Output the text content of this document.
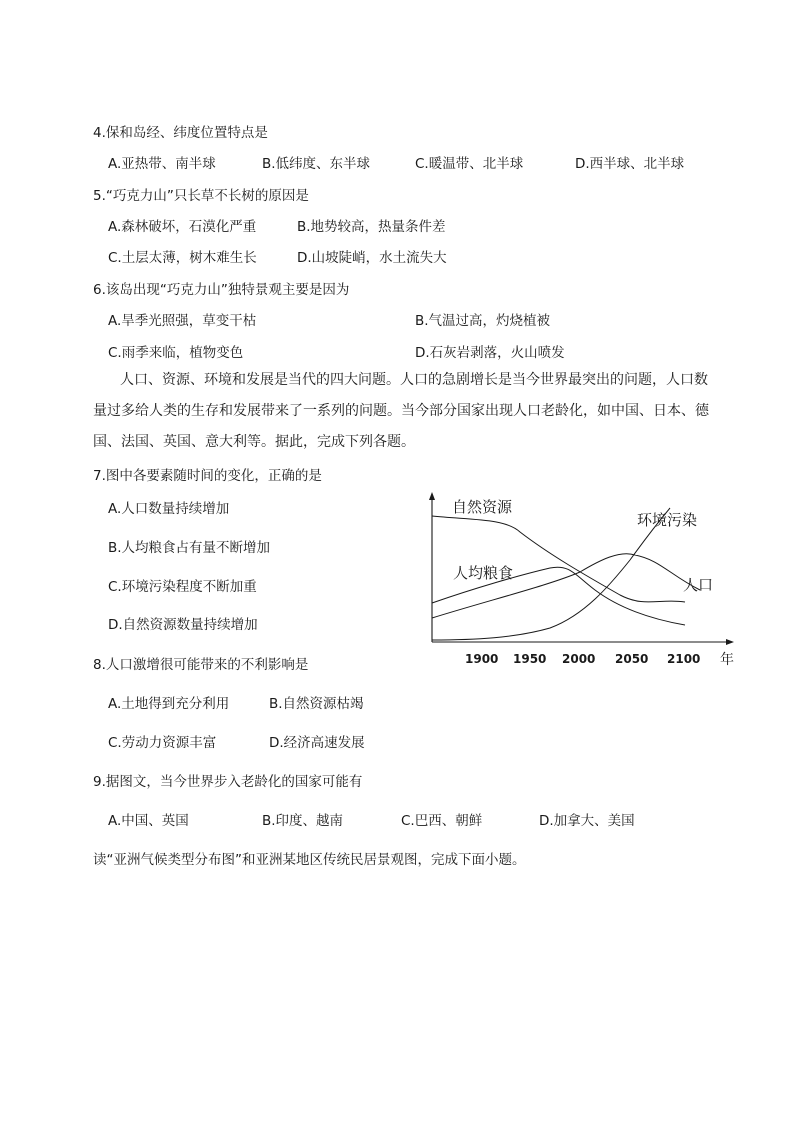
4.保和岛经、纬度位置特点是
A.亚热带、南半球	B.低纬度、东半球	C.暖温带、北半球	D.西半球、北半球
5.“巧克力山”只长草不长树的原因是
A.森林破坏，石漠化严重	B.地势较高，热量条件差
C.土层太薄，树木难生长	D.山坡陡峭，水土流失大
6.该岛出现“巧克力山”独特景观主要是因为
A.旱季光照强，草变干枯	B.气温过高，灼烧植被
C.雨季来临，植物变色	D.石灰岩剥落，火山喷发
人口、资源、环境和发展是当代的四大问题。人口的急剧增长是当今世界最突出的问题，人口数量过多给人类的生存和发展带来了一系列的问题。当今部分国家出现人口老龄化，如中国、日本、德国、法国、英国、意大利等。据此，完成下列各题。
7.图中各要素随时间的变化，正确的是
A.人口数量持续增加
B.人均粮食占有量不断增加
C.环境污染程度不断加重
D.自然资源数量持续增加
自然资源
人均粮食
环境污染
人口
1900 1950 2000 2050 2100 年
8.人口激增很可能带来的不利影响是
A.土地得到充分利用	B.自然资源枯竭
C.劳动力资源丰富	D.经济高速发展
9.据图文，当今世界步入老龄化的国家可能有
A.中国、英国	B.印度、越南	C.巴西、朝鲜	D.加拿大、美国
读“亚洲气候类型分布图”和亚洲某地区传统民居景观图，完成下面小题。
